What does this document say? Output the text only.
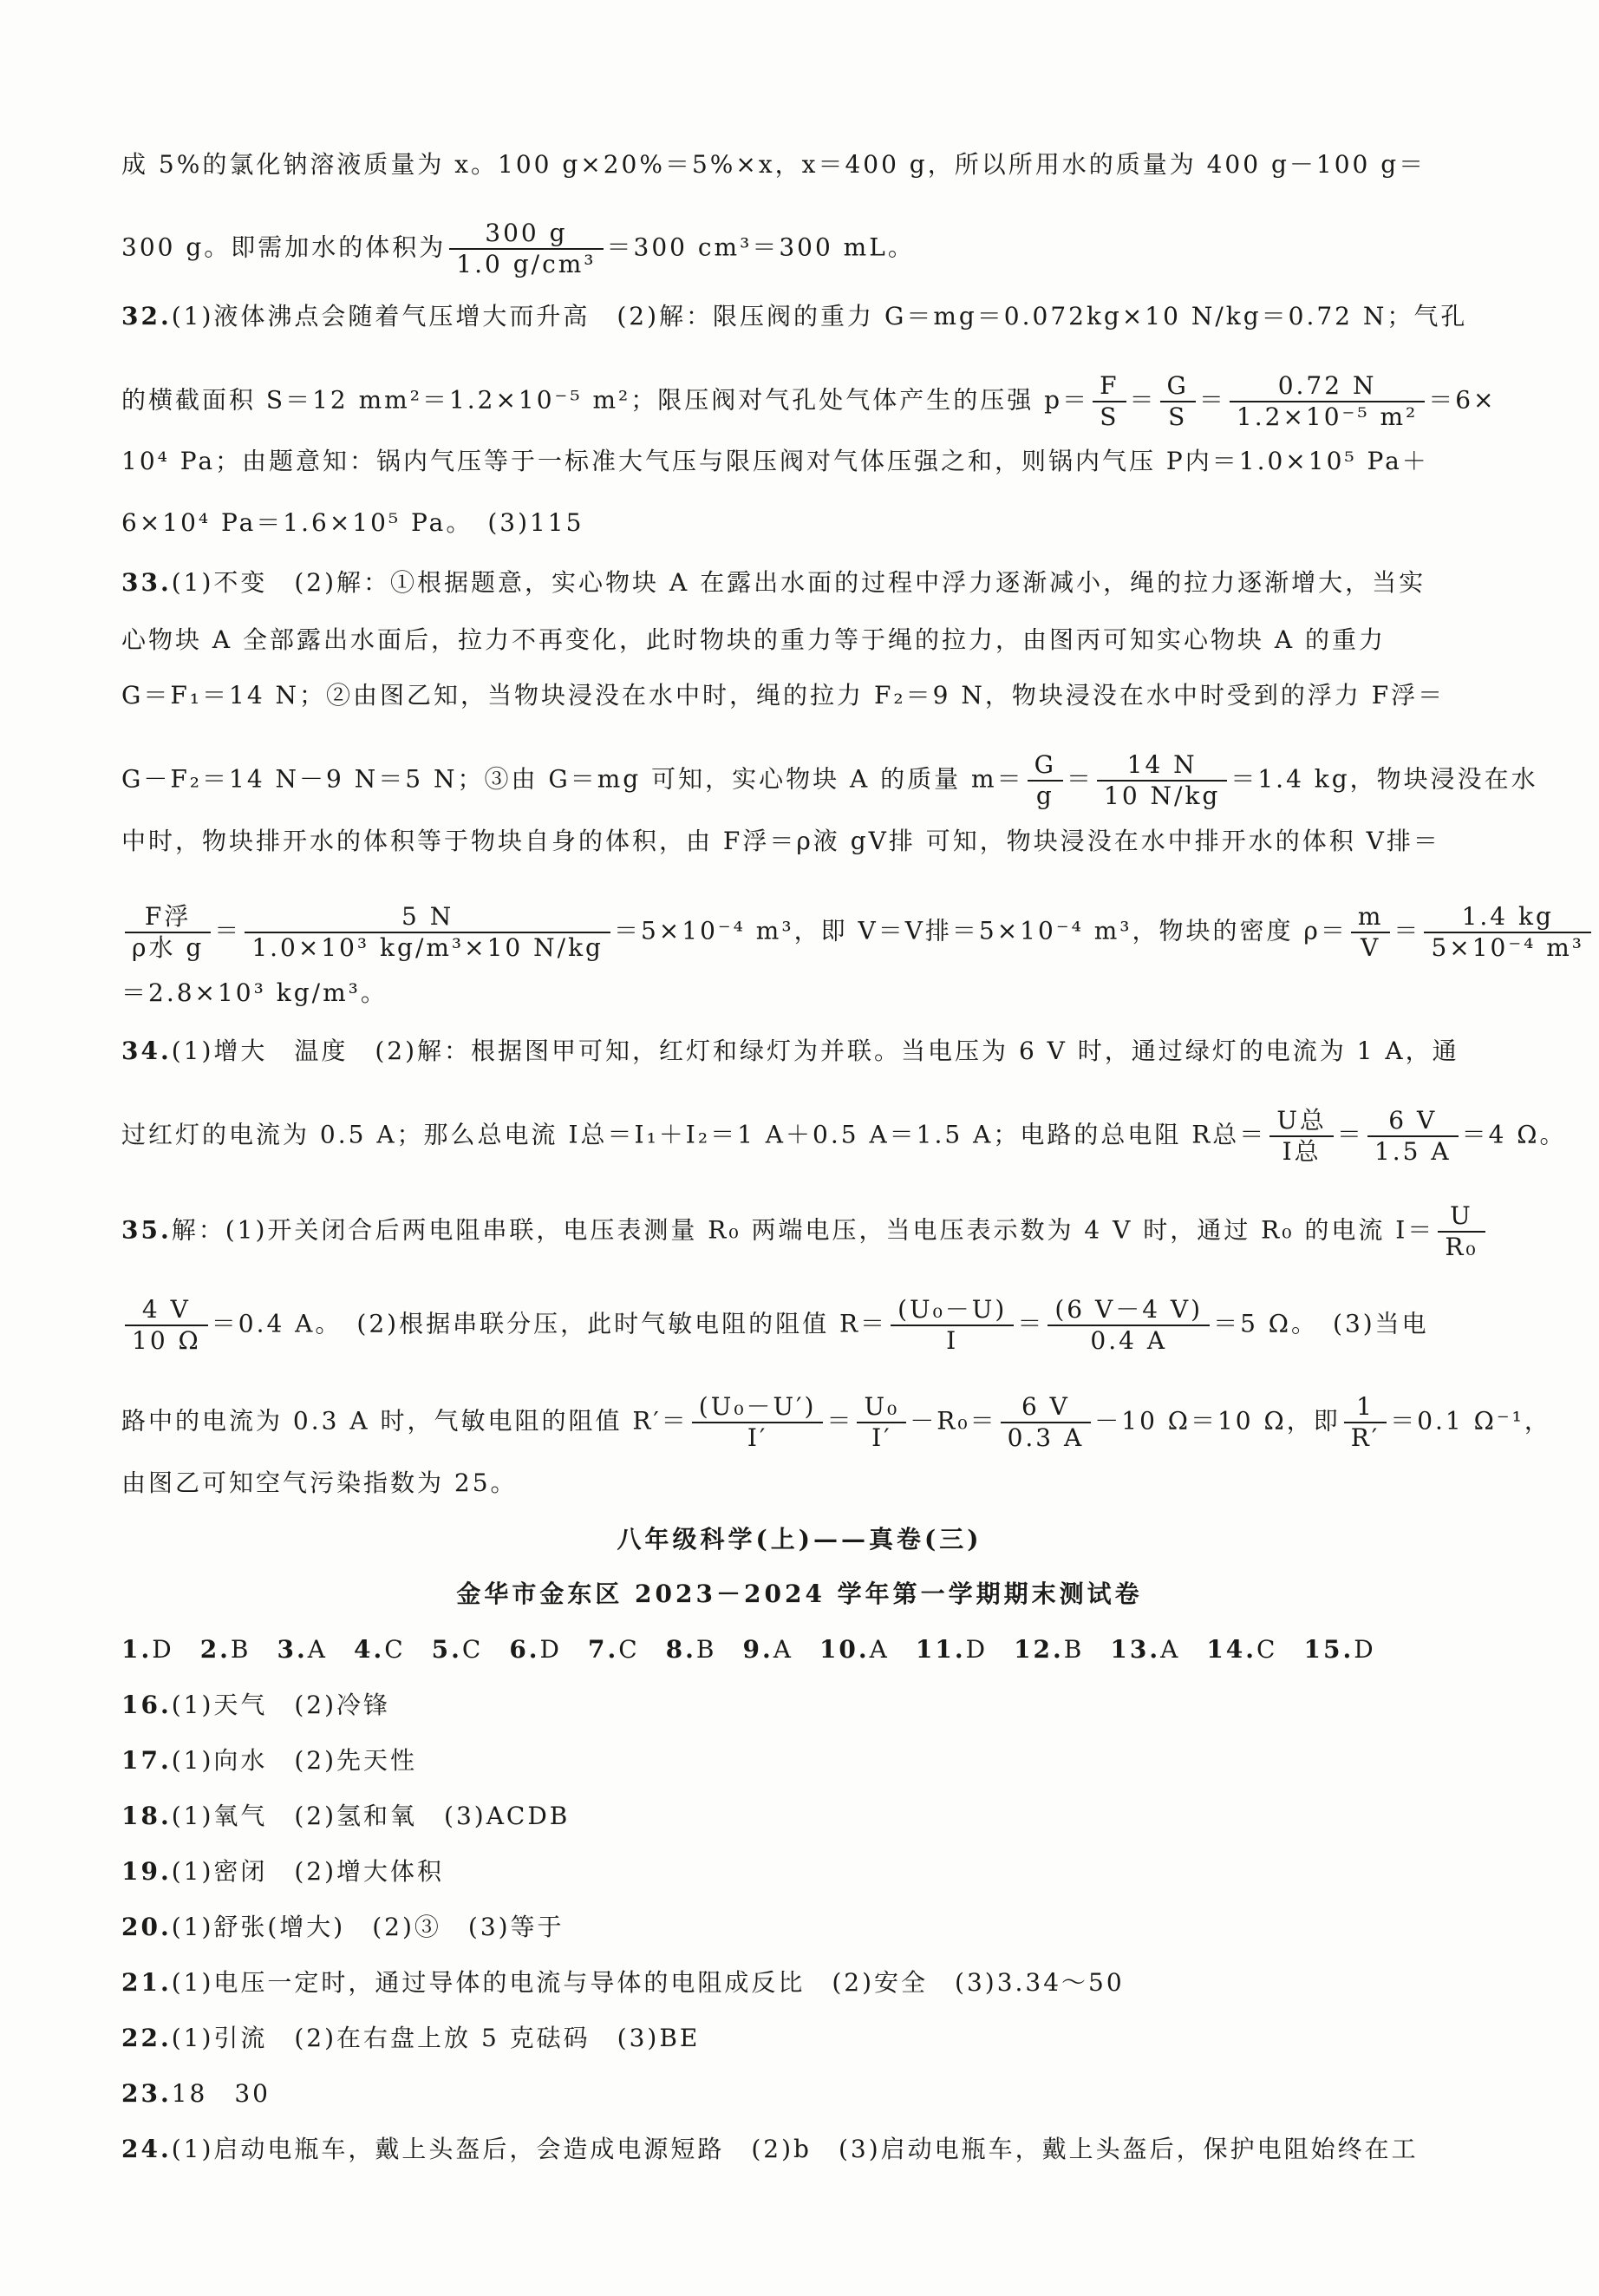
成 5%的氯化钠溶液质量为 x。100 g×20%＝5%×x，x＝400 g，所以所用水的质量为 400 g－100 g＝
300 g。即需加水的体积为 $\frac{300 g}{\text{1.0 g/cm³}} =300$ cm³＝300 mL。
32.(1)液体沸点会随着气压增大而升高　(2)解：限压阀的重力 G＝mg＝0.072kg×10 N/kg＝0.72 N；气孔
的横截面积 S＝12 mm²＝1.2×10⁻⁵ m²；限压阀对气孔处气体产生的压强 $p= \frac{F}{S} = \frac{G}{S} = \frac{0.72 N}{\text{1.2×10⁻⁵ m²}} =6\times$
10⁴ Pa；由题意知：锅内气压等于一标准大气压与限压阀对气体压强之和，则锅内气压 P内＝1.0×10⁵ Pa＋
6×10⁴ Pa＝1.6×10⁵ Pa。　(3)115
33.(1)不变　(2)解：①根据题意，实心物块 A 在露出水面的过程中浮力逐渐减小，绳的拉力逐渐增大，当实
心物块 A 全部露出水面后，拉力不再变化，此时物块的重力等于绳的拉力，由图丙可知实心物块 A 的重力
G＝F₁＝14 N；②由图乙知，当物块浸没在水中时，绳的拉力 F₂＝9 N，物块浸没在水中时受到的浮力 F浮＝
G－F₂＝14 N－9 N＝5 N；③由 G＝mg 可知，实心物块 A 的质量 $m= \frac{G}{g} = \frac{14 N}{10 N/kg} =1.4$ kg，物块浸没在水
中时，物块排开水的体积等于物块自身的体积，由 F浮＝ρ液 gV排 可知，物块浸没在水中排开水的体积 V排＝
$\frac{\text{F浮}}{\text{ρ水 g}} = \frac{5 N}{\text{1.0×10³ kg/m³×10 N/kg}} =5\times 10^{-4}$ m³，即 V＝V排＝5×10⁻⁴ m³，物块的密度 $\rho= \frac{m}{V} = \frac{1.4 kg}{\text{5×10⁻⁴ m³}}$
＝2.8×10³ kg/m³。
34.(1)增大　温度　(2)解：根据图甲可知，红灯和绿灯为并联。当电压为 6 V 时，通过绿灯的电流为 1 A，通
过红灯的电流为 0.5 A；那么总电流 I总＝I₁＋I₂＝1 A＋0.5 A＝1.5 A；电路的总电阻 R总＝ $\frac{\text{U总}}{\text{I总}} = \frac{6 V}{1.5 A} =4$ Ω。
35.解：(1)开关闭合后两电阻串联，电压表测量 R₀ 两端电压，当电压表示数为 4 V 时，通过 R₀ 的电流 $I= \frac{U}{\text{R₀}}$
$\frac{4 V}{10 \Omega} =0.4$ A。　(2)根据串联分压，此时气敏电阻的阻值 $R= \frac{\text{(U₀－U)}}{I} = \frac{(6 V-4 V)}{0.4 A} =5$ Ω。　(3)当电
路中的电流为 0.3 A 时，气敏电阻的阻值 $R'= \frac{\text{(U₀－U′)}}{I'} = \frac{\text{U₀}}{I'} -R_0= \frac{6 V}{0.3 A} -10$ Ω＝10 Ω，即 $\frac{1}{R'} =0.1$ Ω⁻¹，
由图乙可知空气污染指数为 25。
八年级科学(上)——真卷(三)
金华市金东区 2023－2024 学年第一学期期末测试卷
1.D 2.B 3.A 4.C 5.C 6.D 7.C 8.B 9.A 10.A 11.D 12.B 13.A 14.C 15.D
16.(1)天气　(2)冷锋
17.(1)向水　(2)先天性
18.(1)氧气　(2)氢和氧　(3)ACDB
19.(1)密闭　(2)增大体积
20.(1)舒张(增大)　(2)③　(3)等于
21.(1)电压一定时，通过导体的电流与导体的电阻成反比　(2)安全　(3)3.34～50
22.(1)引流　(2)在右盘上放 5 克砝码　(3)BE
23.18　30
24.(1)启动电瓶车，戴上头盔后，会造成电源短路　(2)b　(3)启动电瓶车，戴上头盔后，保护电阻始终在工
